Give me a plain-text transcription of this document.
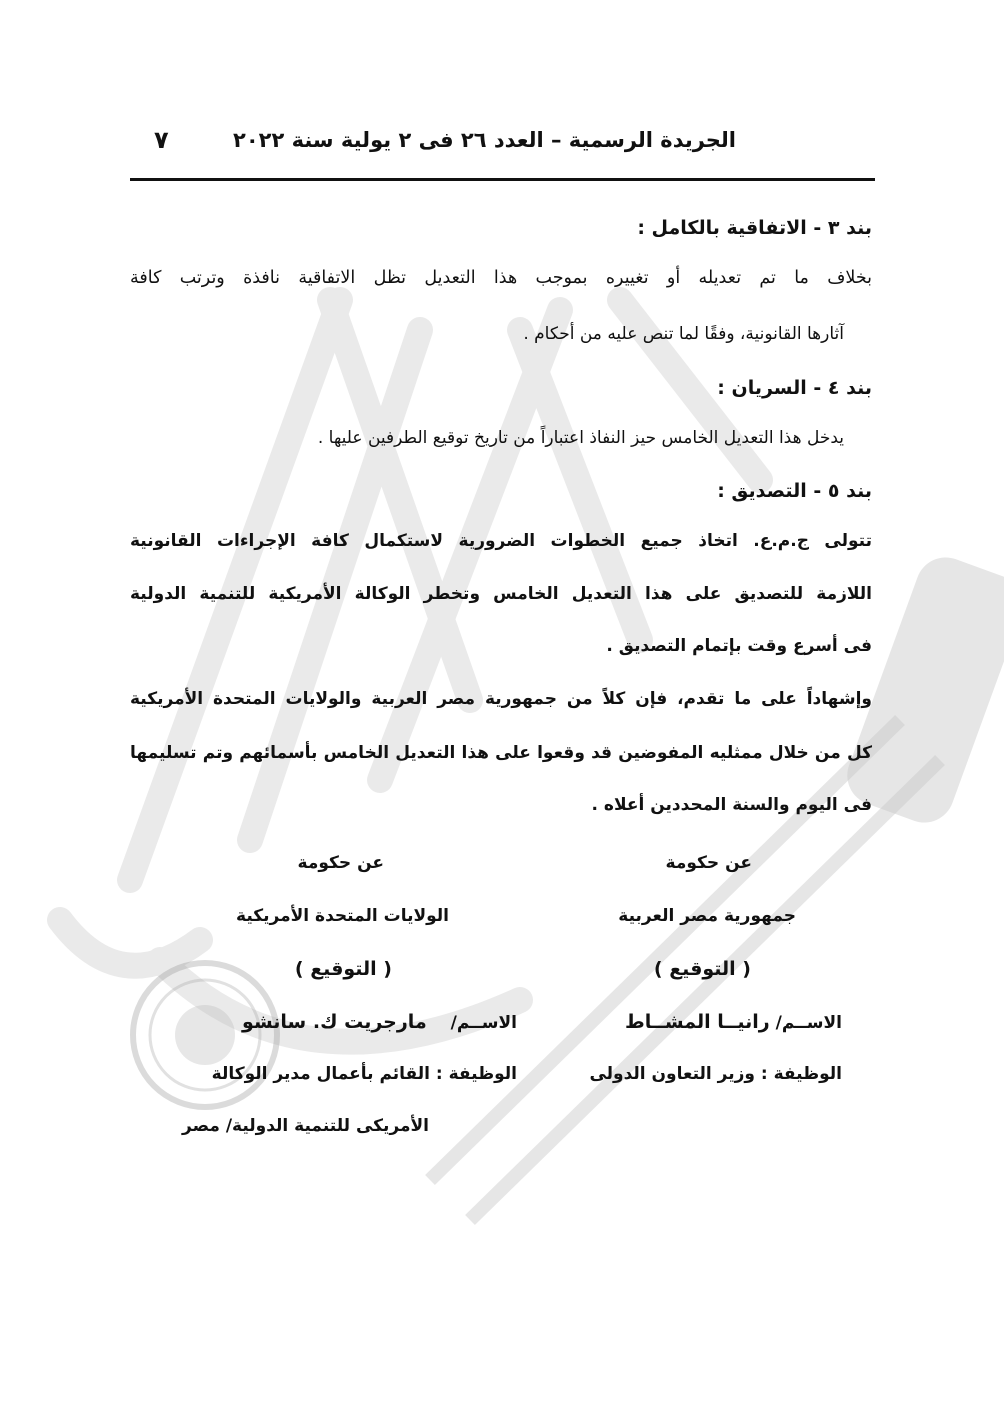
الجريدة الرسمية – العدد ٢٦ فى ٢ يولية سنة ٢٠٢٢
٧
بند ٣ - الاتفاقية بالكامل :
بخلاف ما تم تعديله أو تغييره بموجب هذا التعديل تظل الاتفاقية نافذة وترتب كافة
آثارها القانونية، وفقًا لما تنص عليه من أحكام .
بند ٤ - السريان :
يدخل هذا التعديل الخامس حيز النفاذ اعتباراً من تاريخ توقيع الطرفين عليها .
بند ٥ - التصديق :
تتولى ج.م.ع. اتخاذ جميع الخطوات الضرورية لاستكمال كافة الإجراءات القانونية
اللازمة للتصديق على هذا التعديل الخامس وتخطر الوكالة الأمريكية للتنمية الدولية
فى أسرع وقت بإتمام التصديق .
وإشهاداً على ما تقدم، فإن كلاً من جمهورية مصر العربية والولايات المتحدة الأمريكية
كل من خلال ممثليه المفوضين قد وقعوا على هذا التعديل الخامس بأسمائهم وتم تسليمها
فى اليوم والسنة المحددين أعلاه .
عن حكومة
جمهورية مصر العربية
( التوقيع )
الاســم/ رانيــا المشــاط
الوظيفة : وزير التعاون الدولى
عن حكومة
الولايات المتحدة الأمريكية
( التوقيع )
الاســم/ مارجريت ك. سانشو
الوظيفة : القائم بأعمال مدير الوكالة
الأمريكى للتنمية الدولية/ مصر
